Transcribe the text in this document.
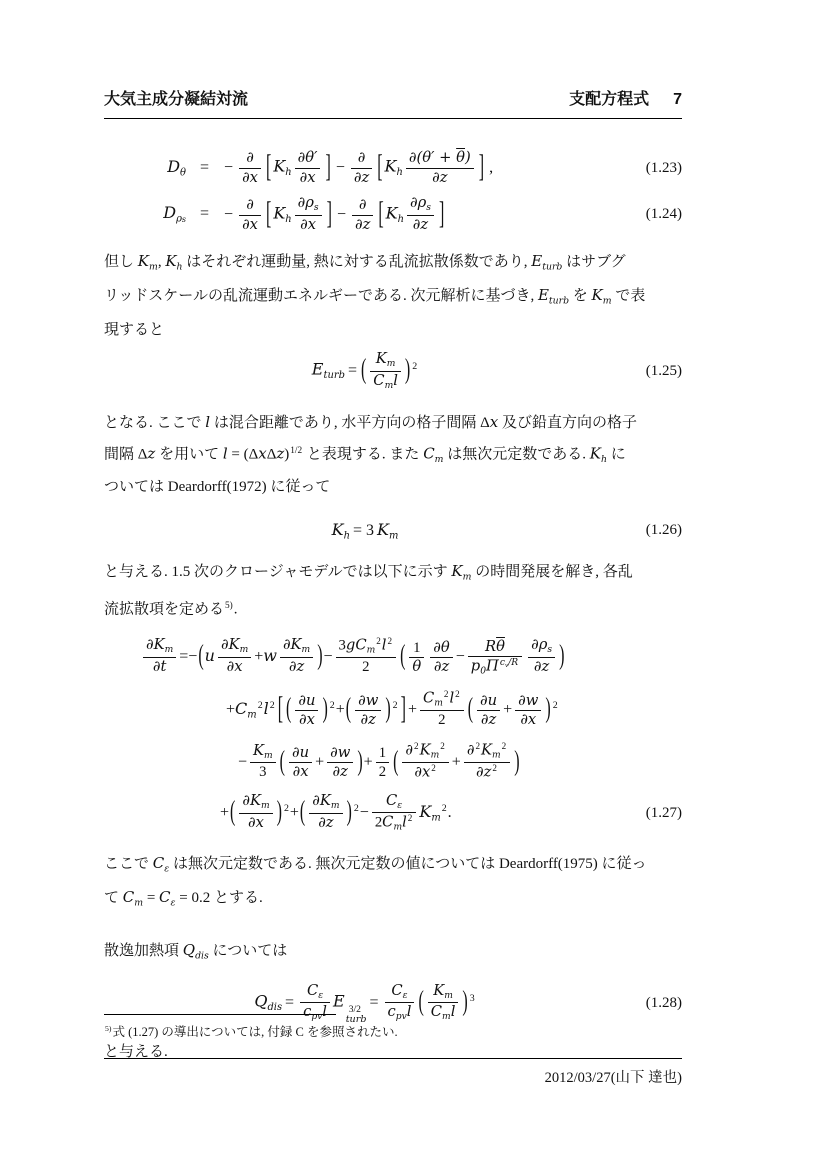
大気主成分凝結対流	支配方程式 7
$D_\theta$ = −
∂
∂x [ $K_h \frac{\partial\theta'}{\partial x}$ ] −
∂
∂z [ $K_h \frac{\partial(\theta' + \overline{\theta})}{\partial z}$ ] ,	(1.23)
$D_{\rho s}$ = −
∂
∂x [ $K_h \frac{\partial\rho_s}{\partial x}$ ] −
∂
∂z [ $K_h \frac{\partial\rho_s}{\partial z}$ ]	(1.24)

但し $K_m$, $K_h$ はそれぞれ運動量, 熱に対する乱流拡散係数であり, $E_{turb}$ はサブグ

リッドスケールの乱流運動エネルギーである. 次元解析に基づき, $E_{turb}$ を $K_m$ で表

現すると

$E_{turb}$ = ( $K_m$
$C_ml$ ) $^2$	(1.25)

となる. ここで l は混合距離であり, 水平方向の格子間隔 Δx 及び鉛直方向の格子

間隔 Δz を用いて $l = (\Delta x\Delta z)^{1/2}$ と表現する. また $C_m$ は無次元定数である. $K_h$ に

ついては Deardorff(1972) に従って

$K_h = 3$ $K_m$	(1.26)

と与える. 1.5 次のクロージャモデルでは以下に示す $K_m$ の時間発展を解き, 各乱

流拡散項を定める$^{5)}$.

$\frac{\partial K_m}{\partial t} =-(u \frac{\partial K_m}{\partial x} +w \frac{\partial K_m}{\partial z}$ )−
$3gC_m^2l^2$
2	( $\frac{1}{\theta} \frac{\partial\theta}{\partial z}$ −
$R\overline{\theta}$
$p_0\overline{\Pi}^{c_v/R} \frac{\partial\rho_s}{\partial z}$ )
$+C_m^2l^2$ [ ( $\frac{\partial u}{\partial x}$ ) $^2+( \frac{\partial w}{\partial z}$ ) $^2$ ] + $\frac{C_m^2l^2}{2}$ ( $\frac{\partial u}{\partial z} + \frac{\partial w}{\partial x}$ ) $^2$
− $\frac{K_m}{3}$ ( $\frac{\partial u}{\partial x} + \frac{\partial w}{\partial z}$ )+ $\frac{1}{2}$ ( $\frac{\partial^2K_m^2}{\partial x^2} + \frac{\partial^2K_m^2}{\partial z^2}$ )
+( $\frac{\partial K_m}{\partial x}$ ) $^2+( \frac{\partial K_m}{\partial z}$ ) $^2$−
$C_\varepsilon$
$2C_ml^2$ $K_m^2$.	(1.27)

ここで $C_\varepsilon$ は無次元定数である. 無次元定数の値については Deardorff(1975) に従っ

て $C_m = C_\varepsilon = 0.2$ とする.

散逸加熱項 $Q_{dis}$ については

$Q_{dis}$ =
$C_\varepsilon$
$c_{pv}l$
E 3/2
turb
=
$C_\varepsilon$
$c_{pv}l$ ( $K_m$
$C_ml$ ) $^3$	(1.28)

と与える.

$^{5)}$式 (1.27) の導出については, 付録 C を参照されたい.
2012/03/27(山下 達也)
